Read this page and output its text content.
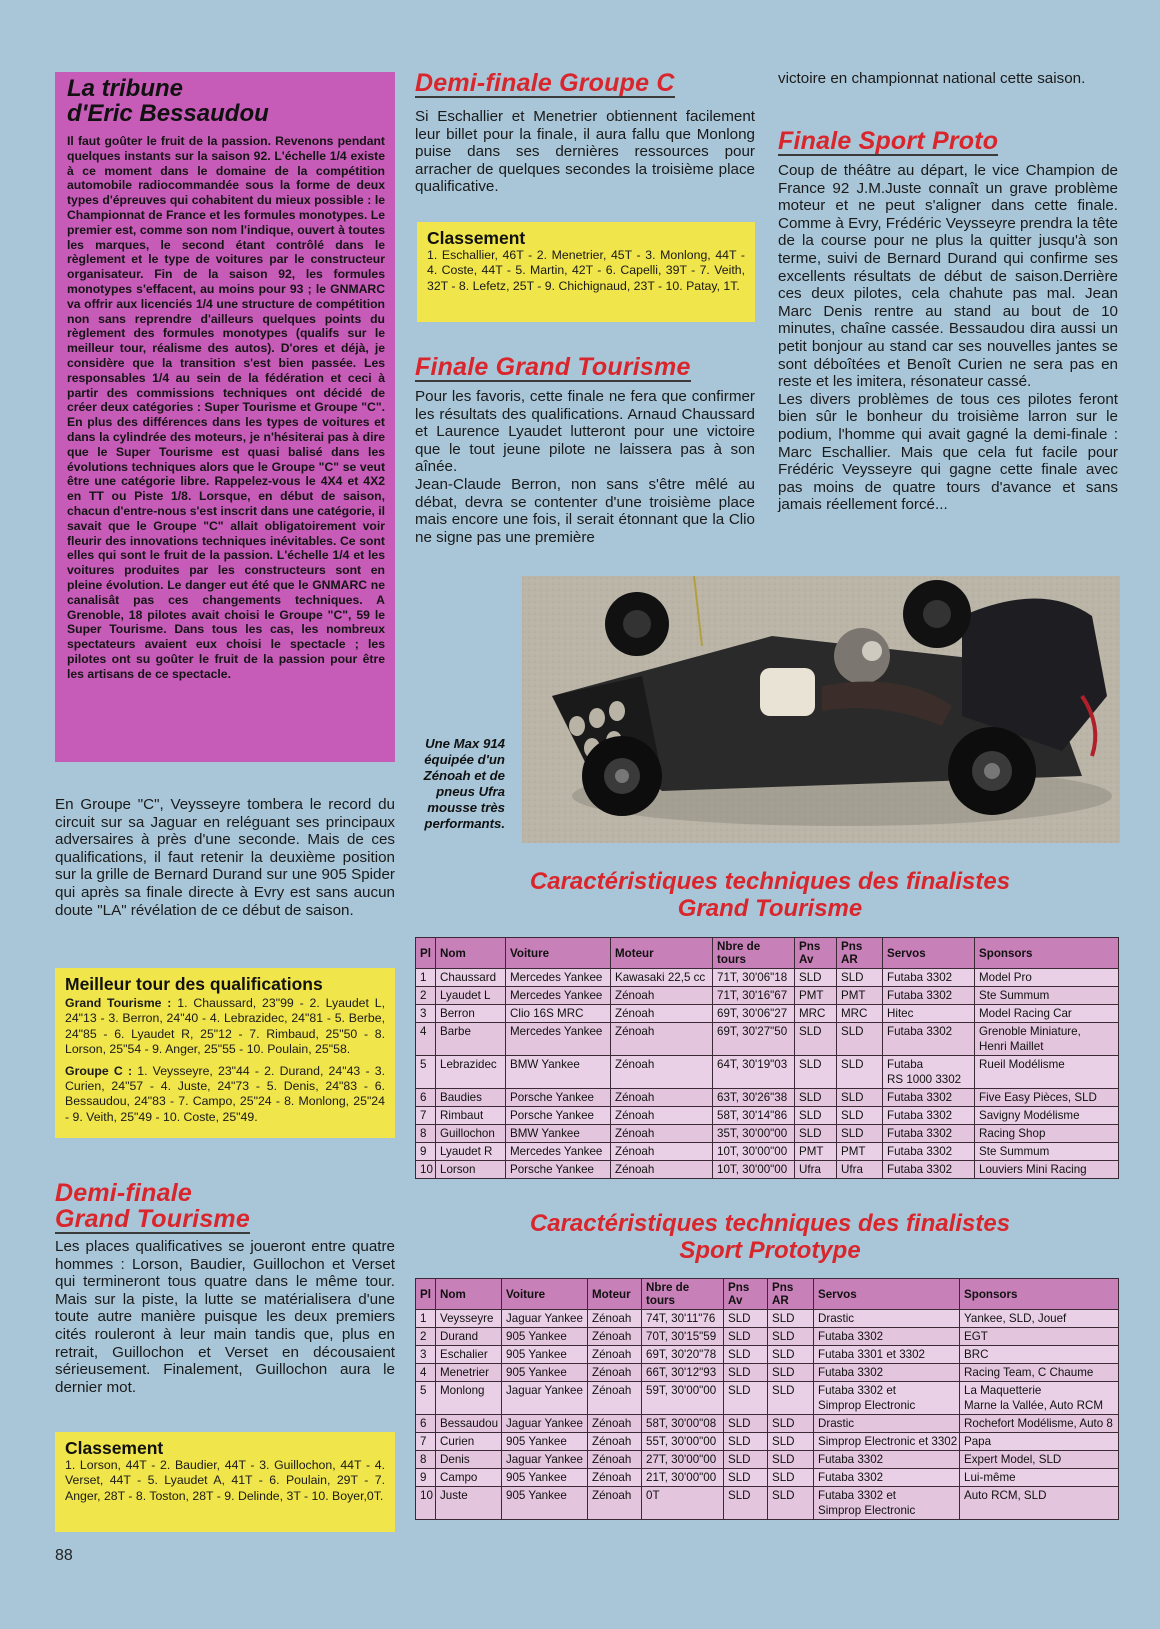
La tribune
d'Eric Bessaudou
Il faut goûter le fruit de la passion. Revenons pendant quelques instants sur la saison 92. L'échelle 1/4 existe à ce moment dans le domaine de la compétition automobile radiocommandée sous la forme de deux types d'épreuves qui cohabitent du mieux possible : le Championnat de France et les formules monotypes. Le premier est, comme son nom l'indique, ouvert à toutes les marques, le second étant contrôlé dans le règlement et le type de voitures par le constructeur organisateur. Fin de la saison 92, les formules monotypes s'effacent, au moins pour 93 ; le GNMARC va offrir aux licenciés 1/4 une structure de compétition non sans reprendre d'ailleurs quelques points du règlement des formules monotypes (qualifs sur le meilleur tour, réalisme des autos). D'ores et déjà, je considère que la transition s'est bien passée. Les responsables 1/4 au sein de la fédération et ceci à partir des commissions techniques ont décidé de créer deux catégories : Super Tourisme et Groupe "C". En plus des différences dans les types de voitures et dans la cylindrée des moteurs, je n'hésiterai pas à dire que le Super Tourisme est quasi balisé dans les évolutions techniques alors que le Groupe "C" se veut être une catégorie libre. Rappelez-vous le 4X4 et 4X2 en TT ou Piste 1/8. Lorsque, en début de saison, chacun d'entre-nous s'est inscrit dans une catégorie, il savait que le Groupe "C" allait obligatoirement voir fleurir des innovations techniques inévitables. Ce sont elles qui sont le fruit de la passion. L'échelle 1/4 et les voitures produites par les constructeurs sont en pleine évolution. Le danger eut été que le GNMARC ne canalisât pas ces changements techniques. A Grenoble, 18 pilotes avait choisi le Groupe "C", 59 le Super Tourisme. Dans tous les cas, les nombreux spectateurs avaient eux choisi le spectacle ; les pilotes ont su goûter le fruit de la passion pour être les artisans de ce spectacle.
En Groupe "C", Veysseyre tombera le record du circuit sur sa Jaguar en reléguant ses principaux adversaires à près d'une seconde. Mais de ces qualifications, il faut retenir la deuxième position sur la grille de Bernard Durand sur une 905 Spider qui après sa finale directe à Evry est sans aucun doute "LA" révélation de ce début de saison.
Meilleur tour des qualifications
Grand Tourisme : 1. Chaussard, 23"99 - 2. Lyaudet L, 24"13 - 3. Berron, 24"40 - 4. Lebrazidec, 24"81 - 5. Berbe, 24"85 - 6. Lyaudet R, 25"12 - 7. Rimbaud, 25"50 - 8. Lorson, 25"54 - 9. Anger, 25"55 - 10. Poulain, 25"58.
Groupe C : 1. Veysseyre, 23"44 - 2. Durand, 24"43 - 3. Curien, 24"57 - 4. Juste, 24"73 - 5. Denis, 24"83 - 6. Bessaudou, 24"83 - 7. Campo, 25"24 - 8. Monlong, 25"24 - 9. Veith, 25"49 - 10. Coste, 25"49.
Demi-finale
Grand Tourisme
Les places qualificatives se joueront entre quatre hommes : Lorson, Baudier, Guillochon et Verset qui termineront tous quatre dans le même tour. Mais sur la piste, la lutte se matérialisera d'une toute autre manière puisque les deux premiers cités rouleront à leur main tandis que, plus en retrait, Guillochon et Verset en décousaient sérieusement. Finalement, Guillochon aura le dernier mot.
Classement
1. Lorson, 44T - 2. Baudier, 44T - 3. Guillochon, 44T - 4. Verset, 44T - 5. Lyaudet A, 41T - 6. Poulain, 29T - 7. Anger, 28T - 8. Toston, 28T - 9. Delinde, 3T - 10. Boyer,0T.
88
Demi-finale Groupe C
Si Eschallier et Menetrier obtiennent facilement leur billet pour la finale, il aura fallu que Monlong puise dans ses dernières ressources pour arracher de quelques secondes la troisième place qualificative.
Classement
1. Eschallier, 46T - 2. Menetrier, 45T - 3. Monlong, 44T - 4. Coste, 44T - 5. Martin, 42T - 6. Capelli, 39T - 7. Veith, 32T - 8. Lefetz, 25T - 9. Chichignaud, 23T - 10. Patay, 1T.
Finale Grand Tourisme

Pour les favoris, cette finale ne fera que confirmer les résultats des qualifications. Arnaud Chaussard et Laurence Lyaudet lutteront pour une victoire que le tout jeune pilote ne laissera pas à son aînée.

Jean-Claude Berron, non sans s'être mêlé au débat, devra se contenter d'une troisième place mais encore une fois, il serait étonnant que la Clio ne signe pas une première

victoire en championnat national cette saison.
Finale Sport Proto

Coup de théâtre au départ, le vice Champion de France 92 J.M.Juste connaît un grave problème moteur et ne peut s'aligner dans cette finale. Comme à Evry, Frédéric Veysseyre prendra la tête de la course pour ne plus la quitter jusqu'à son terme, suivi de Bernard Durand qui confirme ses excellents résultats de début de saison.Derrière ces deux pilotes, cela chahute pas mal. Jean Marc Denis rentre au stand au bout de 10 minutes, chaîne cassée. Bessaudou dira aussi un petit bonjour au stand car ses nouvelles jantes se sont déboîtées et Benoît Curien ne sera pas en reste et les imitera, résonateur cassé.

Les divers problèmes de tous ces pilotes feront bien sûr le bonheur du troisième larron sur le podium, l'homme qui avait gagné la demi-finale : Marc Eschallier. Mais que cela fut facile pour Frédéric Veysseyre qui gagne cette finale avec pas moins de quatre tours d'avance et sans jamais réellement forcé...

Une Max 914 équipée d'un Zénoah et de pneus Ufra mousse très performants.
Caractéristiques techniques des finalistes
Grand Tourisme
Pl	Nom	Voiture	Moteur	Nbre de tours	Pns Av	Pns AR	Servos	Sponsors
1	Chaussard	Mercedes Yankee	Kawasaki 22,5 cc	71T, 30'06"18	SLD	SLD	Futaba 3302	Model Pro
2	Lyaudet L	Mercedes Yankee	Zénoah	71T, 30'16"67	PMT	PMT	Futaba 3302	Ste Summum
3	Berron	Clio 16S MRC	Zénoah	69T, 30'06"27	MRC	MRC	Hitec	Model Racing Car
4	Barbe	Mercedes Yankee	Zénoah	69T, 30'27"50	SLD	SLD	Futaba 3302	Grenoble Miniature,
Henri Maillet
5	Lebrazidec	BMW Yankee	Zénoah	64T, 30'19"03	SLD	SLD	Futaba
RS 1000 3302	Rueil Modélisme
6	Baudies	Porsche Yankee	Zénoah	63T, 30'26"38	SLD	SLD	Futaba 3302	Five Easy Pièces, SLD
7	Rimbaut	Porsche Yankee	Zénoah	58T, 30'14"86	SLD	SLD	Futaba 3302	Savigny Modélisme
8	Guillochon	BMW Yankee	Zénoah	35T, 30'00"00	SLD	SLD	Futaba 3302	Racing Shop
9	Lyaudet R	Mercedes Yankee	Zénoah	10T, 30'00"00	PMT	PMT	Futaba 3302	Ste Summum
10	Lorson	Porsche Yankee	Zénoah	10T, 30'00"00	Ufra	Ufra	Futaba 3302	Louviers Mini Racing
Caractéristiques techniques des finalistes
Sport Prototype
Pl	Nom	Voiture	Moteur	Nbre de tours	Pns Av	Pns AR	Servos	Sponsors
1	Veysseyre	Jaguar Yankee	Zénoah	74T, 30'11"76	SLD	SLD	Drastic	Yankee, SLD, Jouef
2	Durand	905 Yankee	Zénoah	70T, 30'15"59	SLD	SLD	Futaba 3302	EGT
3	Eschalier	905 Yankee	Zénoah	69T, 30'20"78	SLD	SLD	Futaba 3301 et 3302	BRC
4	Menetrier	905 Yankee	Zénoah	66T, 30'12"93	SLD	SLD	Futaba 3302	Racing Team, C Chaume
5	Monlong	Jaguar Yankee	Zénoah	59T, 30'00"00	SLD	SLD	Futaba 3302 et
Simprop Electronic	La Maquetterie
Marne la Vallée, Auto RCM
6	Bessaudou	Jaguar Yankee	Zénoah	58T, 30'00"08	SLD	SLD	Drastic	Rochefort Modélisme, Auto 8
7	Curien	905 Yankee	Zénoah	55T, 30'00"00	SLD	SLD	Simprop Electronic et 3302	Papa
8	Denis	Jaguar Yankee	Zénoah	27T, 30'00"00	SLD	SLD	Futaba 3302	Expert Model, SLD
9	Campo	905 Yankee	Zénoah	21T, 30'00"00	SLD	SLD	Futaba 3302	Lui-même
10	Juste	905 Yankee	Zénoah	0T	SLD	SLD	Futaba 3302 et
Simprop Electronic	Auto RCM, SLD
